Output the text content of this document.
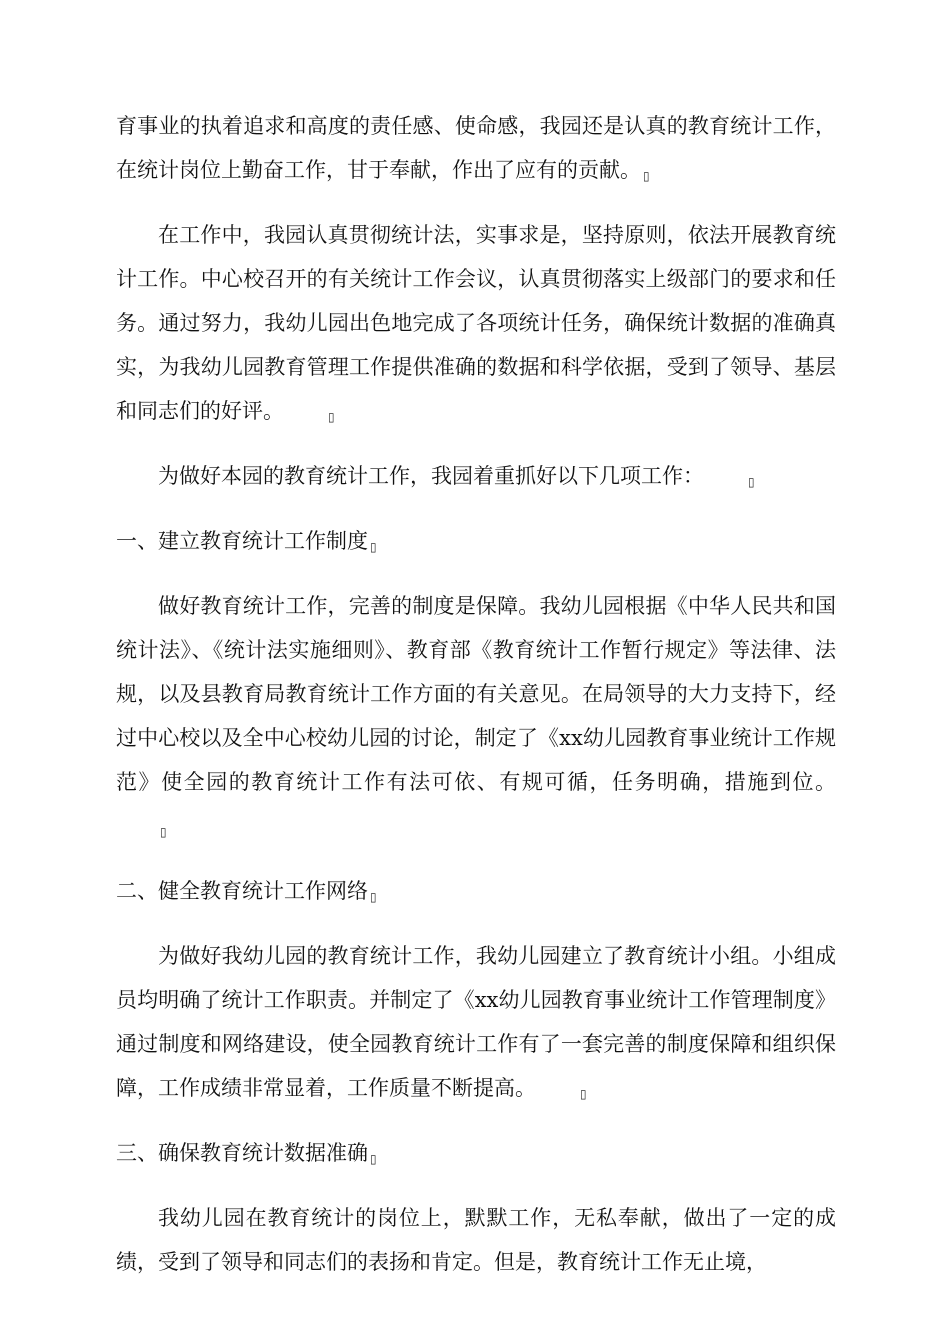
育事业的执着追求和高度的责任感、使命感，我园还是认真的教育统计工作，在统计岗位上勤奋工作，甘于奉献，作出了应有的贡献。 ▯

在工作中，我园认真贯彻统计法，实事求是，坚持原则，依法开展教育统计工作。中心校召开的有关统计工作会议，认真贯彻落实上级部门的要求和任务。通过努力，我幼儿园出色地完成了各项统计任务，确保统计数据的准确真实，为我幼儿园教育管理工作提供准确的数据和科学依据，受到了领导、基层和同志们的好评。	▯

为做好本园的教育统计工作，我园着重抓好以下几项工作：	▯

一、建立教育统计工作制度 ▯

做好教育统计工作，完善的制度是保障。我幼儿园根据《中华人民共和国统计法》、《统计法实施细则》、教育部《教育统计工作暂行规定》等法律、法规，以及县教育局教育统计工作方面的有关意见。在局领导的大力支持下，经过中心校以及全中心校幼儿园的讨论，制定了《xx幼儿园教育事业统计工作规范》使全园的教育统计工作有法可依、有规可循，任务明确，措施到位。▯

二、健全教育统计工作网络 ▯

为做好我幼儿园的教育统计工作，我幼儿园建立了教育统计小组。小组成员均明确了统计工作职责。并制定了《xx幼儿园教育事业统计工作管理制度》通过制度和网络建设，使全园教育统计工作有了一套完善的制度保障和组织保障，工作成绩非常显着，工作质量不断提高。	▯

三、确保教育统计数据准确 ▯

我幼儿园在教育统计的岗位上，默默工作，无私奉献，做出了一定的成绩，受到了领导和同志们的表扬和肯定。但是，教育统计工作无止境，
